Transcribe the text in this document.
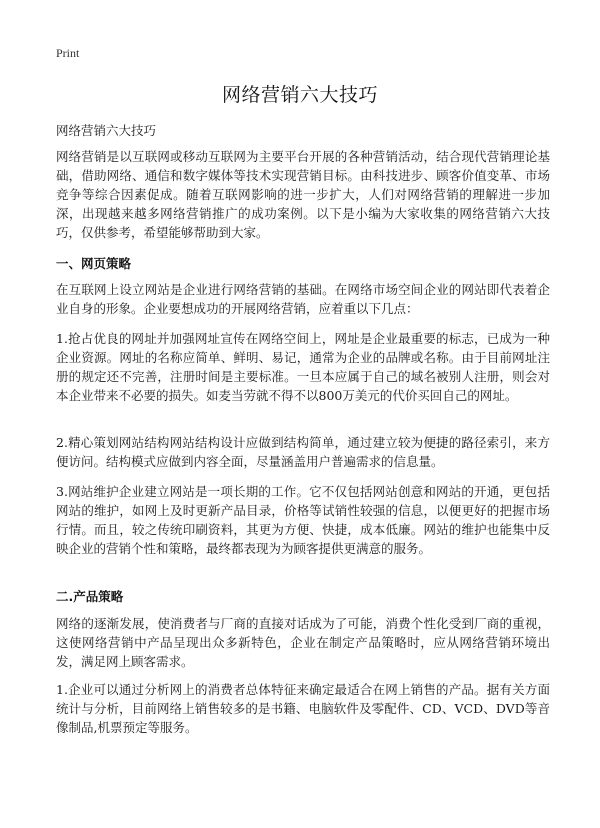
Print
网络营销六大技巧
网络营销六大技巧
网络营销是以互联网或移动互联网为主要平台开展的各种营销活动，结合现代营销理论基础，借助网络、通信和数字媒体等技术实现营销目标。由科技进步、顾客价值变革、市场竞争等综合因素促成。随着互联网影响的进一步扩大，人们对网络营销的理解进一步加深，出现越来越多网络营销推广的成功案例。以下是小编为大家收集的网络营销六大技巧，仅供参考，希望能够帮助到大家。
一、网页策略
在互联网上设立网站是企业进行网络营销的基础。在网络市场空间企业的网站即代表着企业自身的形象。企业要想成功的开展网络营销，应着重以下几点：
1.抢占优良的网址并加强网址宣传在网络空间上，网址是企业最重要的标志，已成为一种企业资源。网址的名称应简单、鲜明、易记，通常为企业的品牌或名称。由于目前网址注册的规定还不完善，注册时间是主要标准。一旦本应属于自己的域名被别人注册，则会对本企业带来不必要的损失。如麦当劳就不得不以800万美元的代价买回自己的网址。
2.精心策划网站结构网站结构设计应做到结构简单，通过建立较为便捷的路径索引，来方便访问。结构模式应做到内容全面，尽量涵盖用户普遍需求的信息量。
3.网站维护企业建立网站是一项长期的工作。它不仅包括网站创意和网站的开通，更包括网站的维护，如网上及时更新产品目录，价格等试销性较强的信息，以便更好的把握市场行情。而且，较之传统印刷资料，其更为方便、快捷，成本低廉。网站的维护也能集中反映企业的营销个性和策略，最终都表现为为顾客提供更满意的服务。
二.产品策略
网络的逐渐发展，使消费者与厂商的直接对话成为了可能，消费个性化受到厂商的重视，这使网络营销中产品呈现出众多新特色，企业在制定产品策略时，应从网络营销环境出发，满足网上顾客需求。
1.企业可以通过分析网上的消费者总体特征来确定最适合在网上销售的产品。据有关方面统计与分析，目前网络上销售较多的是书籍、电脑软件及零配件、CD、VCD、DVD等音像制品,机票预定等服务。
